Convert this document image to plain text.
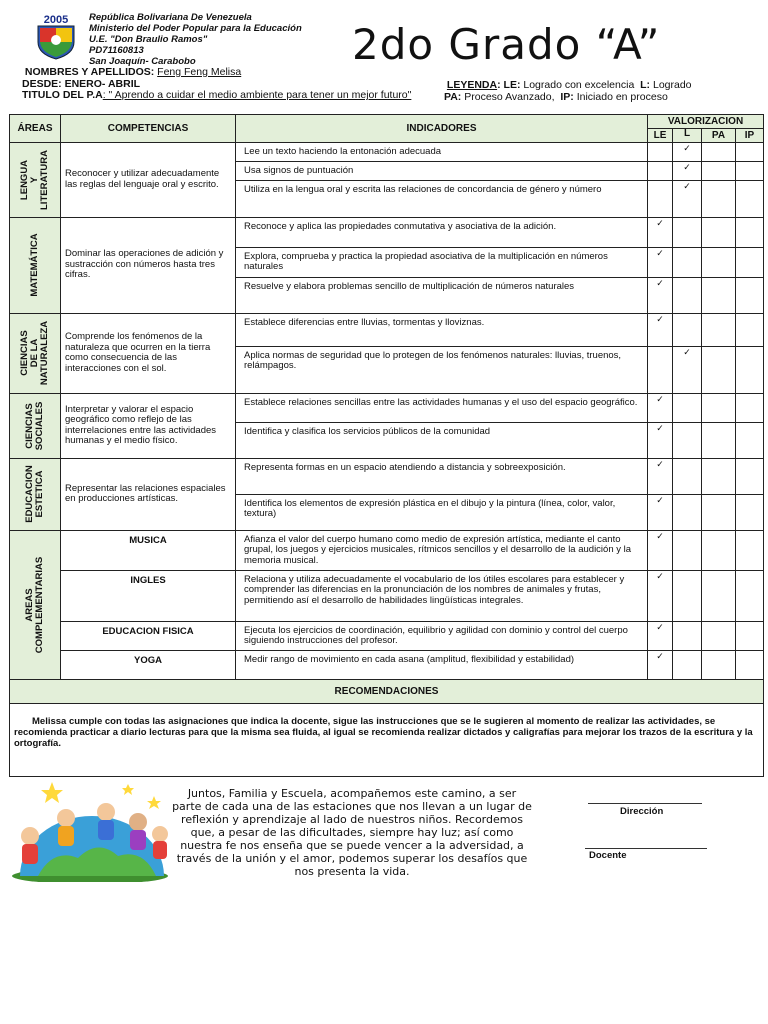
2005 República Bolivariana De Venezuela
Ministerio del Poder Popular para la Educación
U.E. "Don Braulio Ramos"
PD71160813
San Joaquín- Carabobo	2do Grado “A”
NOMBRES Y APELLIDOS: Feng Feng Melisa
DESDE: ENERO- ABRIL
TITULO DEL P.A: " Aprendo a cuidar el medio ambiente para tener un mejor futuro"
LEYENDA: LE: Logrado con excelencia L: Logrado
PA: Proceso Avanzado, IP: Iniciado en proceso
ÁREAS	COMPETENCIAS	INDICADORES	VALORIZACION			
			LE	L	PA	IP

LENGUA
Y
LITERATURA	Reconocer y utilizar adecuadamente las reglas del lenguaje oral y escrito.	Lee un texto haciendo la entonación adecuada		✓		
		Usa signos de puntuación		✓		
		Utiliza en la lengua oral y escrita las relaciones de concordancia de género y número		✓		

MATEMÁTICA	Dominar las operaciones de adición y sustracción con números hasta tres cifras.	Reconoce y aplica las propiedades conmutativa y asociativa de la adición.	✓			
		Explora, comprueba y practica la propiedad asociativa de la multiplicación en números naturales	✓			
		Resuelve y elabora problemas sencillo de multiplicación de números naturales	✓			

CIENCIAS
DE LA
NATURALEZA	Comprende los fenómenos de la naturaleza que ocurren en la tierra como consecuencia de las interacciones con el sol.	Establece diferencias entre lluvias, tormentas y lloviznas.	✓			
		Aplica normas de seguridad que lo protegen de los fenómenos naturales: lluvias, truenos, relámpagos.		✓		

CIENCIAS
SOCIALES	Interpretar y valorar el espacio geográfico como reflejo de las interrelaciones entre las actividades humanas y el medio físico.	Establece relaciones sencillas entre las actividades humanas y el uso del espacio geográfico.	✓			
		Identifica y clasifica los servicios públicos de la comunidad	✓			

EDUCACION
ESTETICA	Representar las relaciones espaciales en producciones artísticas.	Representa formas en un espacio atendiendo a distancia y sobreexposición.	✓			
		Identifica los elementos de expresión plástica en el dibujo y la pintura (línea, color, valor, textura)	✓			

AREAS
COMPLEMENTARIAS	MUSICA	Afianza el valor del cuerpo humano como medio de expresión artística, mediante el canto grupal, los juegos y ejercicios musicales, rítmicos sencillos y el desarrollo de la audición y la memoria musical.	✓			
	INGLES	Relaciona y utiliza adecuadamente el vocabulario de los útiles escolares para establecer y comprender las diferencias en la pronunciación de los nombres de animales y frutas, permitiendo así el desarrollo de habilidades lingüísticas integrales.	✓			
	EDUCACION FISICA	Ejecuta los ejercicios de coordinación, equilibrio y agilidad con dominio y control del cuerpo siguiendo instrucciones del profesor.	✓			
	YOGA	Medir rango de movimiento en cada asana (amplitud, flexibilidad y estabilidad)	✓			
RECOMENDACIONES						
Melissa cumple con todas las asignaciones que indica la docente, sigue las instrucciones que se le sugieren al momento de realizar las actividades, se recomienda practicar a diario lecturas para que la misma sea fluida, al igual se recomienda realizar dictados y caligrafías para mejorar los trazos de la escritura y la ortografía.						
Juntos, Familia y Escuela, acompañemos este camino, a ser parte de cada una de las estaciones que nos llevan a un lugar de reflexión y aprendizaje al lado de nuestros niños. Recordemos que, a pesar de las dificultades, siempre hay luz; así como nuestra fe nos enseña que se puede vencer a la adversidad, a través de la unión y el amor, podemos superar los desafíos que nos presenta la vida.
Dirección
Docente
